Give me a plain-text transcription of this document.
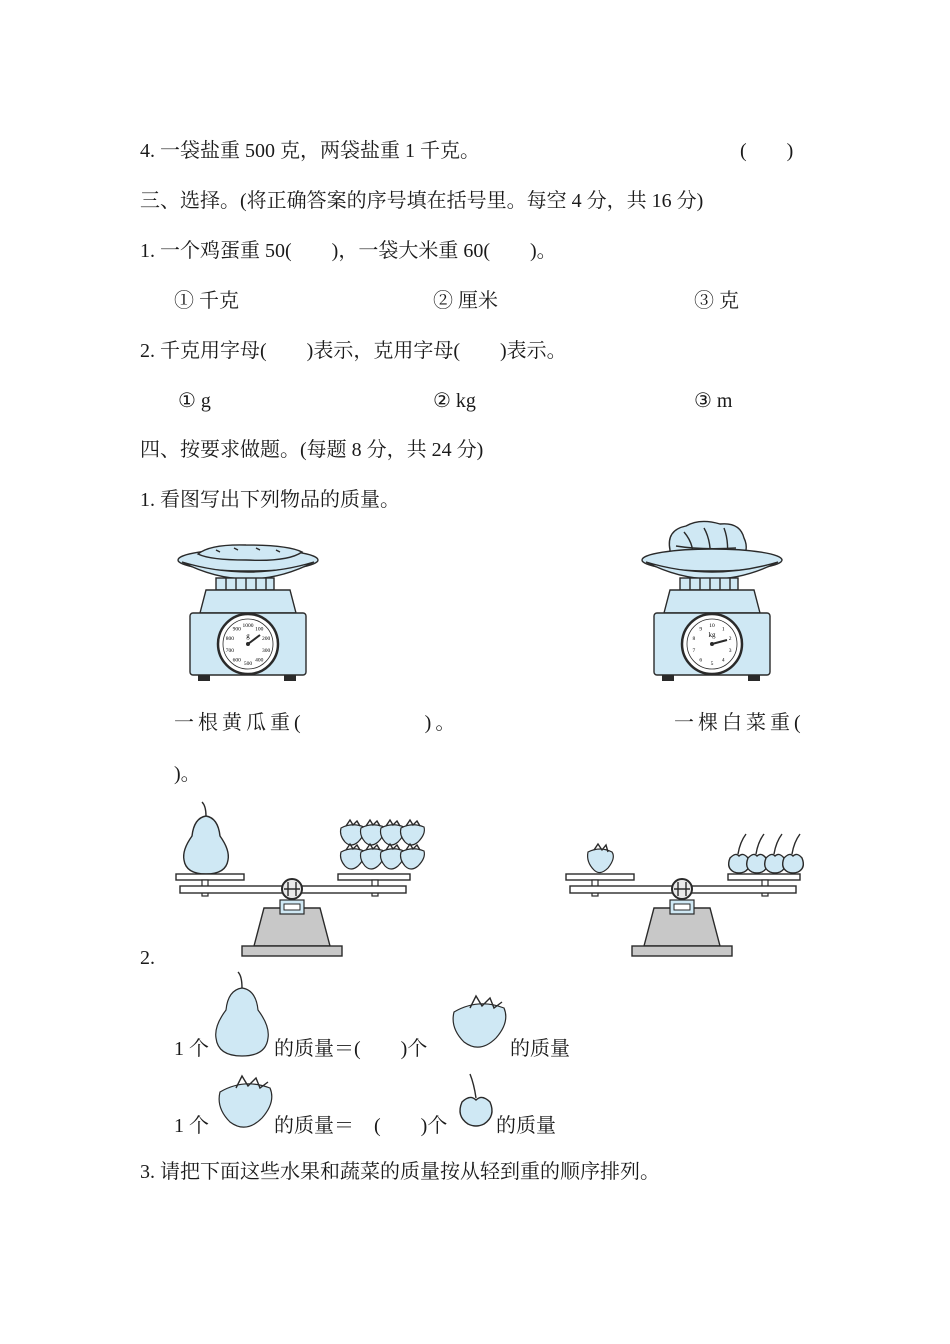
4. 一袋盐重 500 克，两袋盐重 1 千克。	(　　)
三、选择。(将正确答案的序号填在括号里。每空 4 分，共 16 分)
1. 一个鸡蛋重 50(　　)，一袋大米重 60(　　)。
① 千克	② 厘米	③ 克
2. 千克用字母(　　)表示，克用字母(　　)表示。
① g	② kg	③ m
四、按要求做题。(每题 8 分，共 24 分)
1. 看图写出下列物品的质量。
1000
100
200
300
400
500
600
700
800
900
g
10
1
2
3
4
5
6
7
8
9
kg
一根黄瓜重(　　　　　)。	一棵白菜重(
)。
2.
1 个	的质量＝(　　)个	的质量
1 个	的质量＝　(　　)个 的质量
3. 请把下面这些水果和蔬菜的质量按从轻到重的顺序排列。
